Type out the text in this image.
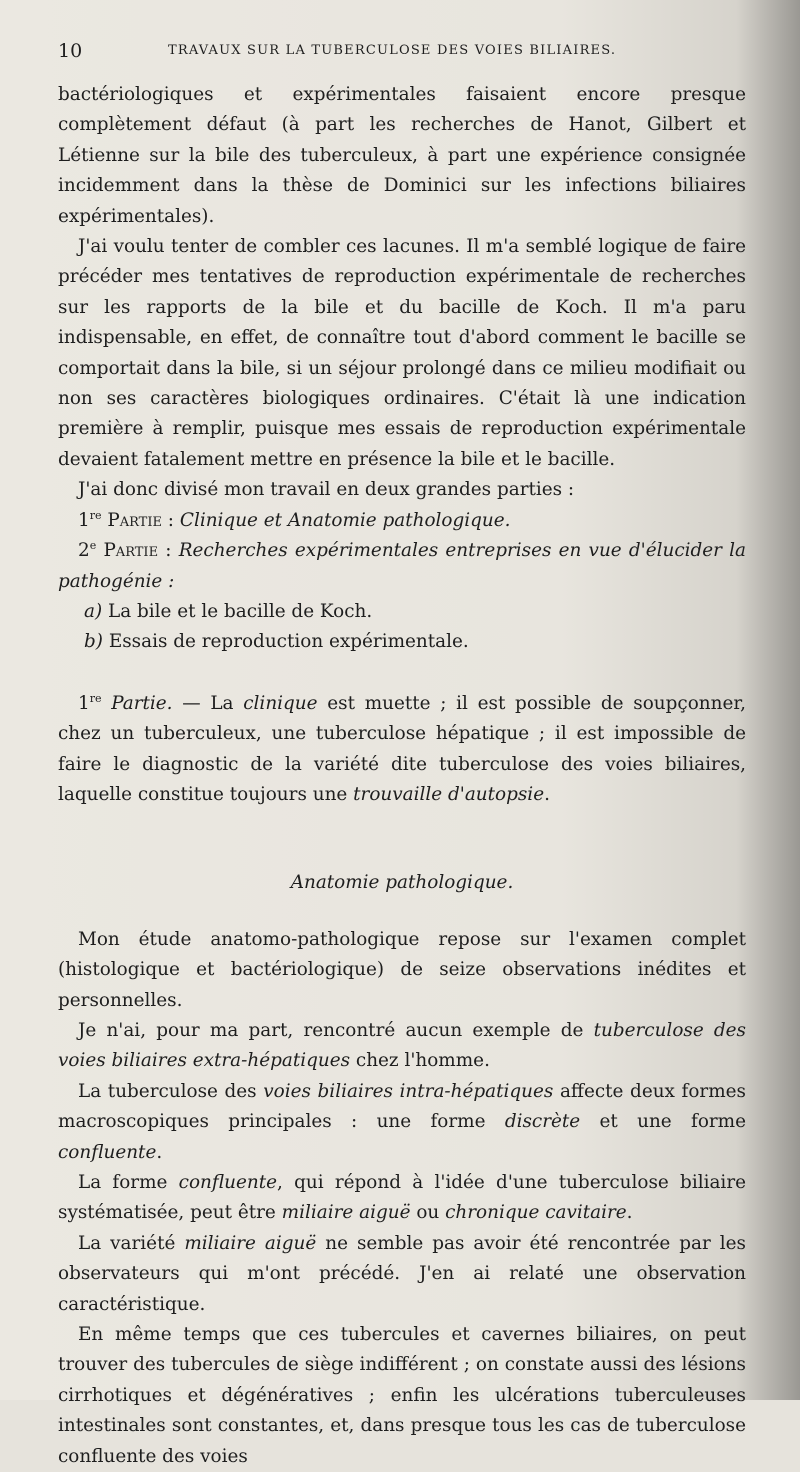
10	TRAVAUX SUR LA TUBERCULOSE DES VOIES BILIAIRES.

bactériologiques et expérimentales faisaient encore presque complètement défaut (à part les recherches de Hanot, Gilbert et Létienne sur la bile des tuberculeux, à part une expérience consignée incidemment dans la thèse de Dominici sur les infections biliaires expérimentales).

J'ai voulu tenter de combler ces lacunes. Il m'a semblé logique de faire précéder mes tentatives de reproduction expérimentale de recherches sur les rapports de la bile et du bacille de Koch. Il m'a paru indispensable, en effet, de connaître tout d'abord comment le bacille se comportait dans la bile, si un séjour prolongé dans ce milieu modifiait ou non ses caractères biologiques ordinaires. C'était là une indication première à remplir, puisque mes essais de reproduction expérimentale devaient fatalement mettre en présence la bile et le bacille.

J'ai donc divisé mon travail en deux grandes parties :

1re Partie : Clinique et Anatomie pathologique.

2e Partie : Recherches expérimentales entreprises en vue d'élucider la pathogénie :

a) La bile et le bacille de Koch.

b) Essais de reproduction expérimentale.

1re Partie. — La clinique est muette ; il est possible de soupçonner, chez un tuberculeux, une tuberculose hépatique ; il est impossible de faire le diagnostic de la variété dite tuberculose des voies biliaires, laquelle constitue toujours une trouvaille d'autopsie.

Anatomie pathologique.

Mon étude anatomo-pathologique repose sur l'examen complet (histologique et bactériologique) de seize observations inédites et personnelles.

Je n'ai, pour ma part, rencontré aucun exemple de tuberculose des voies biliaires extra-hépatiques chez l'homme.

La tuberculose des voies biliaires intra-hépatiques affecte deux formes macroscopiques principales : une forme discrète et une forme confluente.

La forme confluente, qui répond à l'idée d'une tuberculose biliaire systématisée, peut être miliaire aiguë ou chronique cavitaire.

La variété miliaire aiguë ne semble pas avoir été rencontrée par les observateurs qui m'ont précédé. J'en ai relaté une observation caractéristique.

En même temps que ces tubercules et cavernes biliaires, on peut trouver des tubercules de siège indifférent ; on constate aussi des lésions cirrhotiques et dégénératives ; enfin les ulcérations tuberculeuses intestinales sont constantes, et, dans presque tous les cas de tuberculose confluente des voies
